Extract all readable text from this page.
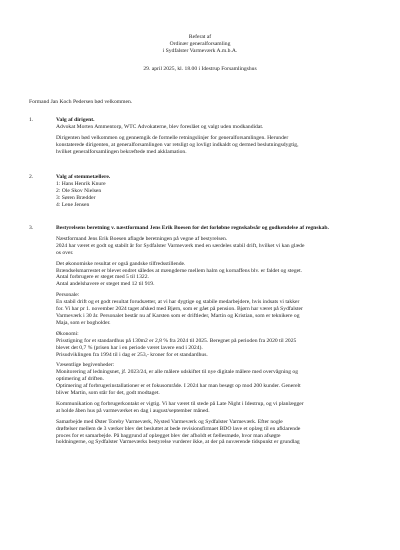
Referat af
Ordinær generalforsamling
i Sydfalster Varmeværk A.m.b.A.
29. april 2025, kl. 18.00 i Idestrup Forsamlingshus
Formand Jan Koch Pedersen bød velkommen.
1.	Valg af dirigent.
Advokat Morten Ammentorp, WTC Advokaterne, blev foreslået og valgt uden modkandidat.
Dirigenten bød velkommen og gennemgik de formelle retningslinjer for generalforsamlingen. Herunder
konstaterede dirigenten, at generalforsamlingen var retsligt og lovligt indkaldt og dermed beslutningsdygtig,
hvilket generalforsamlingen bekræftede med akklamation.
2.	Valg af stemmetællere.
1: Hans Henrik Knure
2: Ole Skov Nielsen
3: Søren Brædder
4: Lene Jensen
3.	Bestyrelsens beretning v. næstformand Jens Erik Boesen for det forløbne regnskabsår og godkendelse af regnskab.
Næstformand Jens Erik Boesen aflagde beretningen på vegne af bestyrelsen.
2024 har været et godt og stabilt år for Sydfalster Varmeværk med en særdeles stabil drift, hvilket vi kan glæde
os over.
Det økonomiske resultat er også gandske tilfredsstillende.
Brændselsmarrestet er blevet endret således at mængderne mellem halm og kornaffens blv. er faldet og steget.
Antal forbrugere er steget med 5 til 1322.
Antal andelshavere er steget med 12 til 919.
Personale:
En stabil drift og et godt resultat forudsætter, at vi har dygtige og stabile medarbejdere, hvis indsats vi takker
for. Vi har pr 1. november 2024 taget afsked med Bjørn, som er gået på pension. Bjørn har været på Sydfalster
Varmeværk i 30 år. Personalet består nu af Karsten som er driftleder, Martin og Kristian, som er teknikere og
Maja, som er bogholder.
Økonomi:
Prisstigning for et standardhus på 130m2 er 2,8 % fra 2024 til 2025. Beregnet på perioden fra 2020 til 2025
blevet det 0,7 % (prisen har i en periode været lavere end i 2024).
Prisudviklingen fra 1994 til i dag er 253,- kroner for et standardhus.
Væsentlige begivenheder:
Monitorering af ledningsnet, jf. 2023/24, er alle målere udskiftet til nye digitale målere med overvågning og
optimering af driften.
Optimering af forbrugerinstallationer er et fokusområde. I 2024 har man besøgt op mod 200 kunder. Generelt
bliver Martin, som står for det, godt modtaget.
Kommunikation og forbrugerkontakt er vigtig. Vi har været til stede på Late Night i Idestrup, og vi planlægger
at holde åben hus på varmeværket en dag i august/september måned.
Samarbejde med Øster Toreby Varmeværk, Nysted Varmeværk og Sydfalster Varmeværk. Efter nogle
drøftelser mellem de 3 værker blev det besluttet at bede revisionsfirmaet BDO lave et oplæg til en afklarende
proces for et samarbejde. På baggrund af oplægget blev der afholdt et fællesmøde, hvor man afsøgte
holdningerne, og Sydfalster Varmeværks bestyrelse vurderer ikke, at der på nuværende tidspunkt er grundlag
